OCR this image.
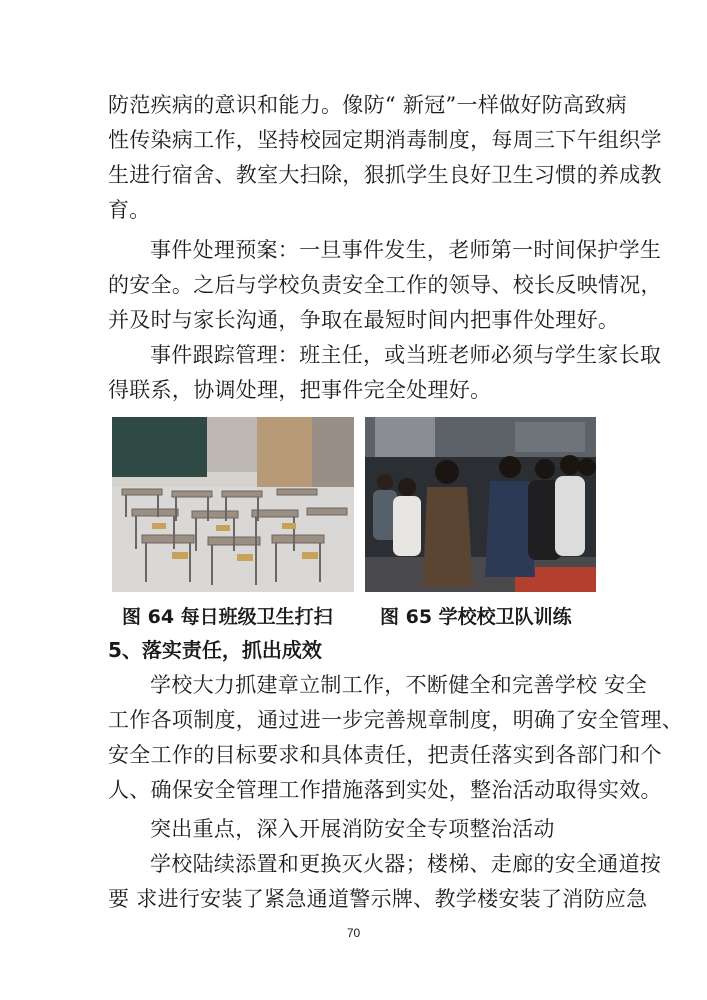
防范疾病的意识和能力。像防“ 新冠”一样做好防高致病
性传染病工作，坚持校园定期消毒制度，每周三下午组织学
生进行宿舍、教室大扫除，狠抓学生良好卫生习惯的养成教
育。
事件处理预案：一旦事件发生，老师第一时间保护学生
的安全。之后与学校负责安全工作的领导、校长反映情况，
并及时与家长沟通，争取在最短时间内把事件处理好。
事件跟踪管理：班主任，或当班老师必须与学生家长取
得联系，协调处理，把事件完全处理好。
图 64 每日班级卫生打扫 图 65 学校校卫队训练
5、落实责任，抓出成效
学校大力抓建章立制工作，不断健全和完善学校 安全
工作各项制度，通过进一步完善规章制度，明确了安全管理、
安全工作的目标要求和具体责任，把责任落实到各部门和个
人、确保安全管理工作措施落到实处，整治活动取得实效。
突出重点，深入开展消防安全专项整治活动
学校陆续添置和更换灭火器；楼梯、走廊的安全通道按
要 求进行安装了紧急通道警示牌、教学楼安装了消防应急
70
